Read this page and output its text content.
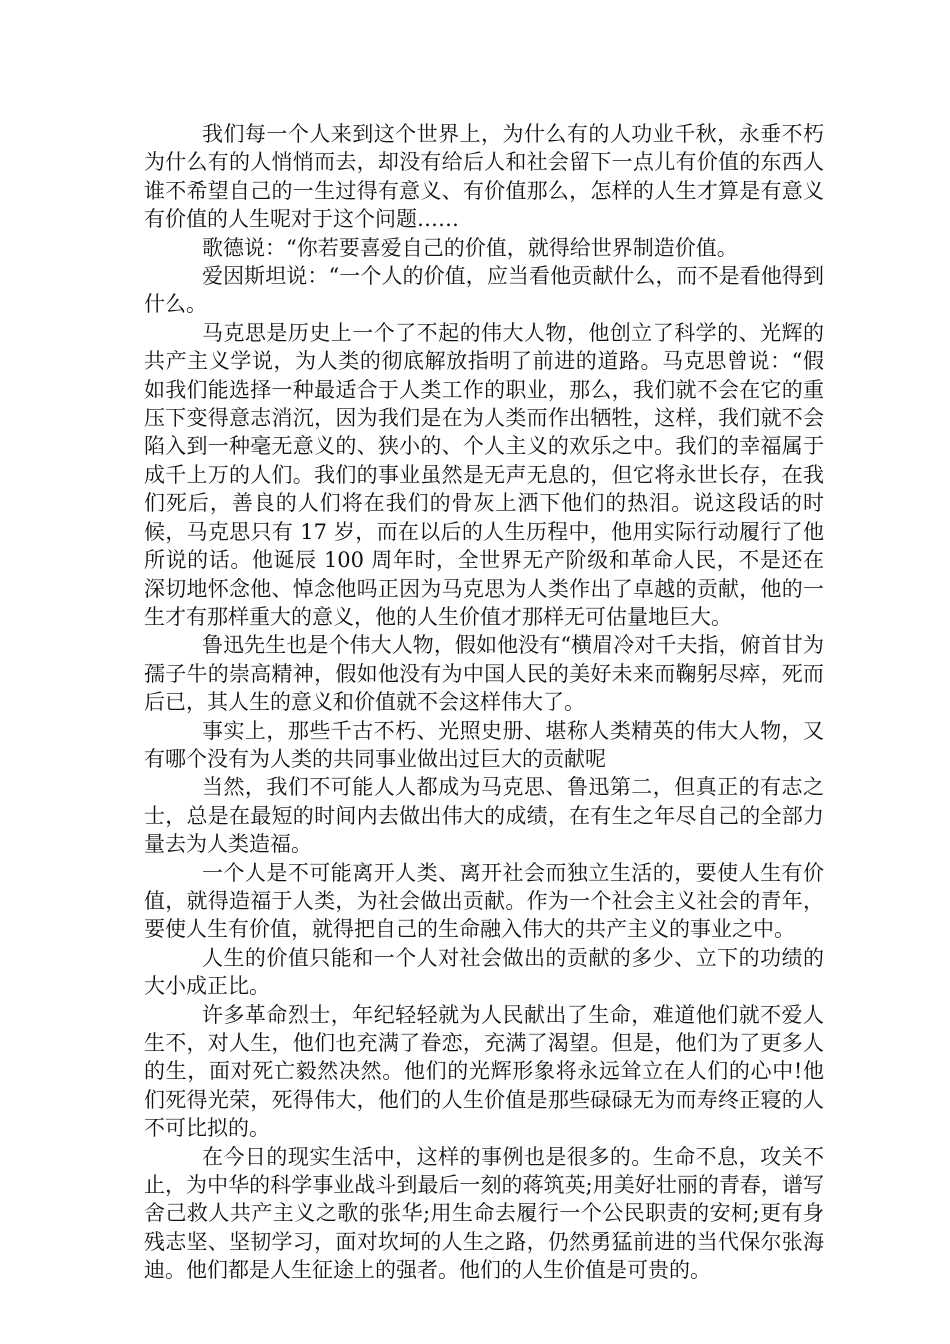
我们每一个人来到这个世界上，为什么有的人功业千秋，永垂不朽为什么有的人悄悄而去，却没有给后人和社会留下一点儿有价值的东西人谁不希望自己的一生过得有意义、有价值那么，怎样的人生才算是有意义有价值的人生呢对于这个问题……

歌德说：“你若要喜爱自己的价值，就得给世界制造价值。

爱因斯坦说：“一个人的价值，应当看他贡献什么，而不是看他得到什么。

马克思是历史上一个了不起的伟大人物，他创立了科学的、光辉的共产主义学说，为人类的彻底解放指明了前进的道路。马克思曾说：“假如我们能选择一种最适合于人类工作的职业，那么，我们就不会在它的重压下变得意志消沉，因为我们是在为人类而作出牺牲，这样，我们就不会陷入到一种毫无意义的、狭小的、个人主义的欢乐之中。我们的幸福属于成千上万的人们。我们的事业虽然是无声无息的，但它将永世长存，在我们死后，善良的人们将在我们的骨灰上洒下他们的热泪。说这段话的时候，马克思只有 17 岁，而在以后的人生历程中，他用实际行动履行了他所说的话。他诞辰 100 周年时，全世界无产阶级和革命人民，不是还在深切地怀念他、悼念他吗正因为马克思为人类作出了卓越的贡献，他的一生才有那样重大的意义，他的人生价值才那样无可估量地巨大。

鲁迅先生也是个伟大人物，假如他没有“横眉冷对千夫指，俯首甘为孺子牛的崇高精神，假如他没有为中国人民的美好未来而鞠躬尽瘁，死而后已，其人生的意义和价值就不会这样伟大了。

事实上，那些千古不朽、光照史册、堪称人类精英的伟大人物，又有哪个没有为人类的共同事业做出过巨大的贡献呢

当然，我们不可能人人都成为马克思、鲁迅第二，但真正的有志之士，总是在最短的时间内去做出伟大的成绩，在有生之年尽自己的全部力量去为人类造福。

一个人是不可能离开人类、离开社会而独立生活的，要使人生有价值，就得造福于人类，为社会做出贡献。作为一个社会主义社会的青年，要使人生有价值，就得把自己的生命融入伟大的共产主义的事业之中。

人生的价值只能和一个人对社会做出的贡献的多少、立下的功绩的大小成正比。

许多革命烈士，年纪轻轻就为人民献出了生命，难道他们就不爱人生不，对人生，他们也充满了眷恋，充满了渴望。但是，他们为了更多人的生，面对死亡毅然决然。他们的光辉形象将永远耸立在人们的心中!他们死得光荣，死得伟大，他们的人生价值是那些碌碌无为而寿终正寝的人不可比拟的。

在今日的现实生活中，这样的事例也是很多的。生命不息，攻关不止，为中华的科学事业战斗到最后一刻的蒋筑英;用美好壮丽的青春，谱写舍己救人共产主义之歌的张华;用生命去履行一个公民职责的安柯;更有身残志坚、坚韧学习，面对坎坷的人生之路，仍然勇猛前进的当代保尔张海迪。他们都是人生征途上的强者。他们的人生价值是可贵的。
